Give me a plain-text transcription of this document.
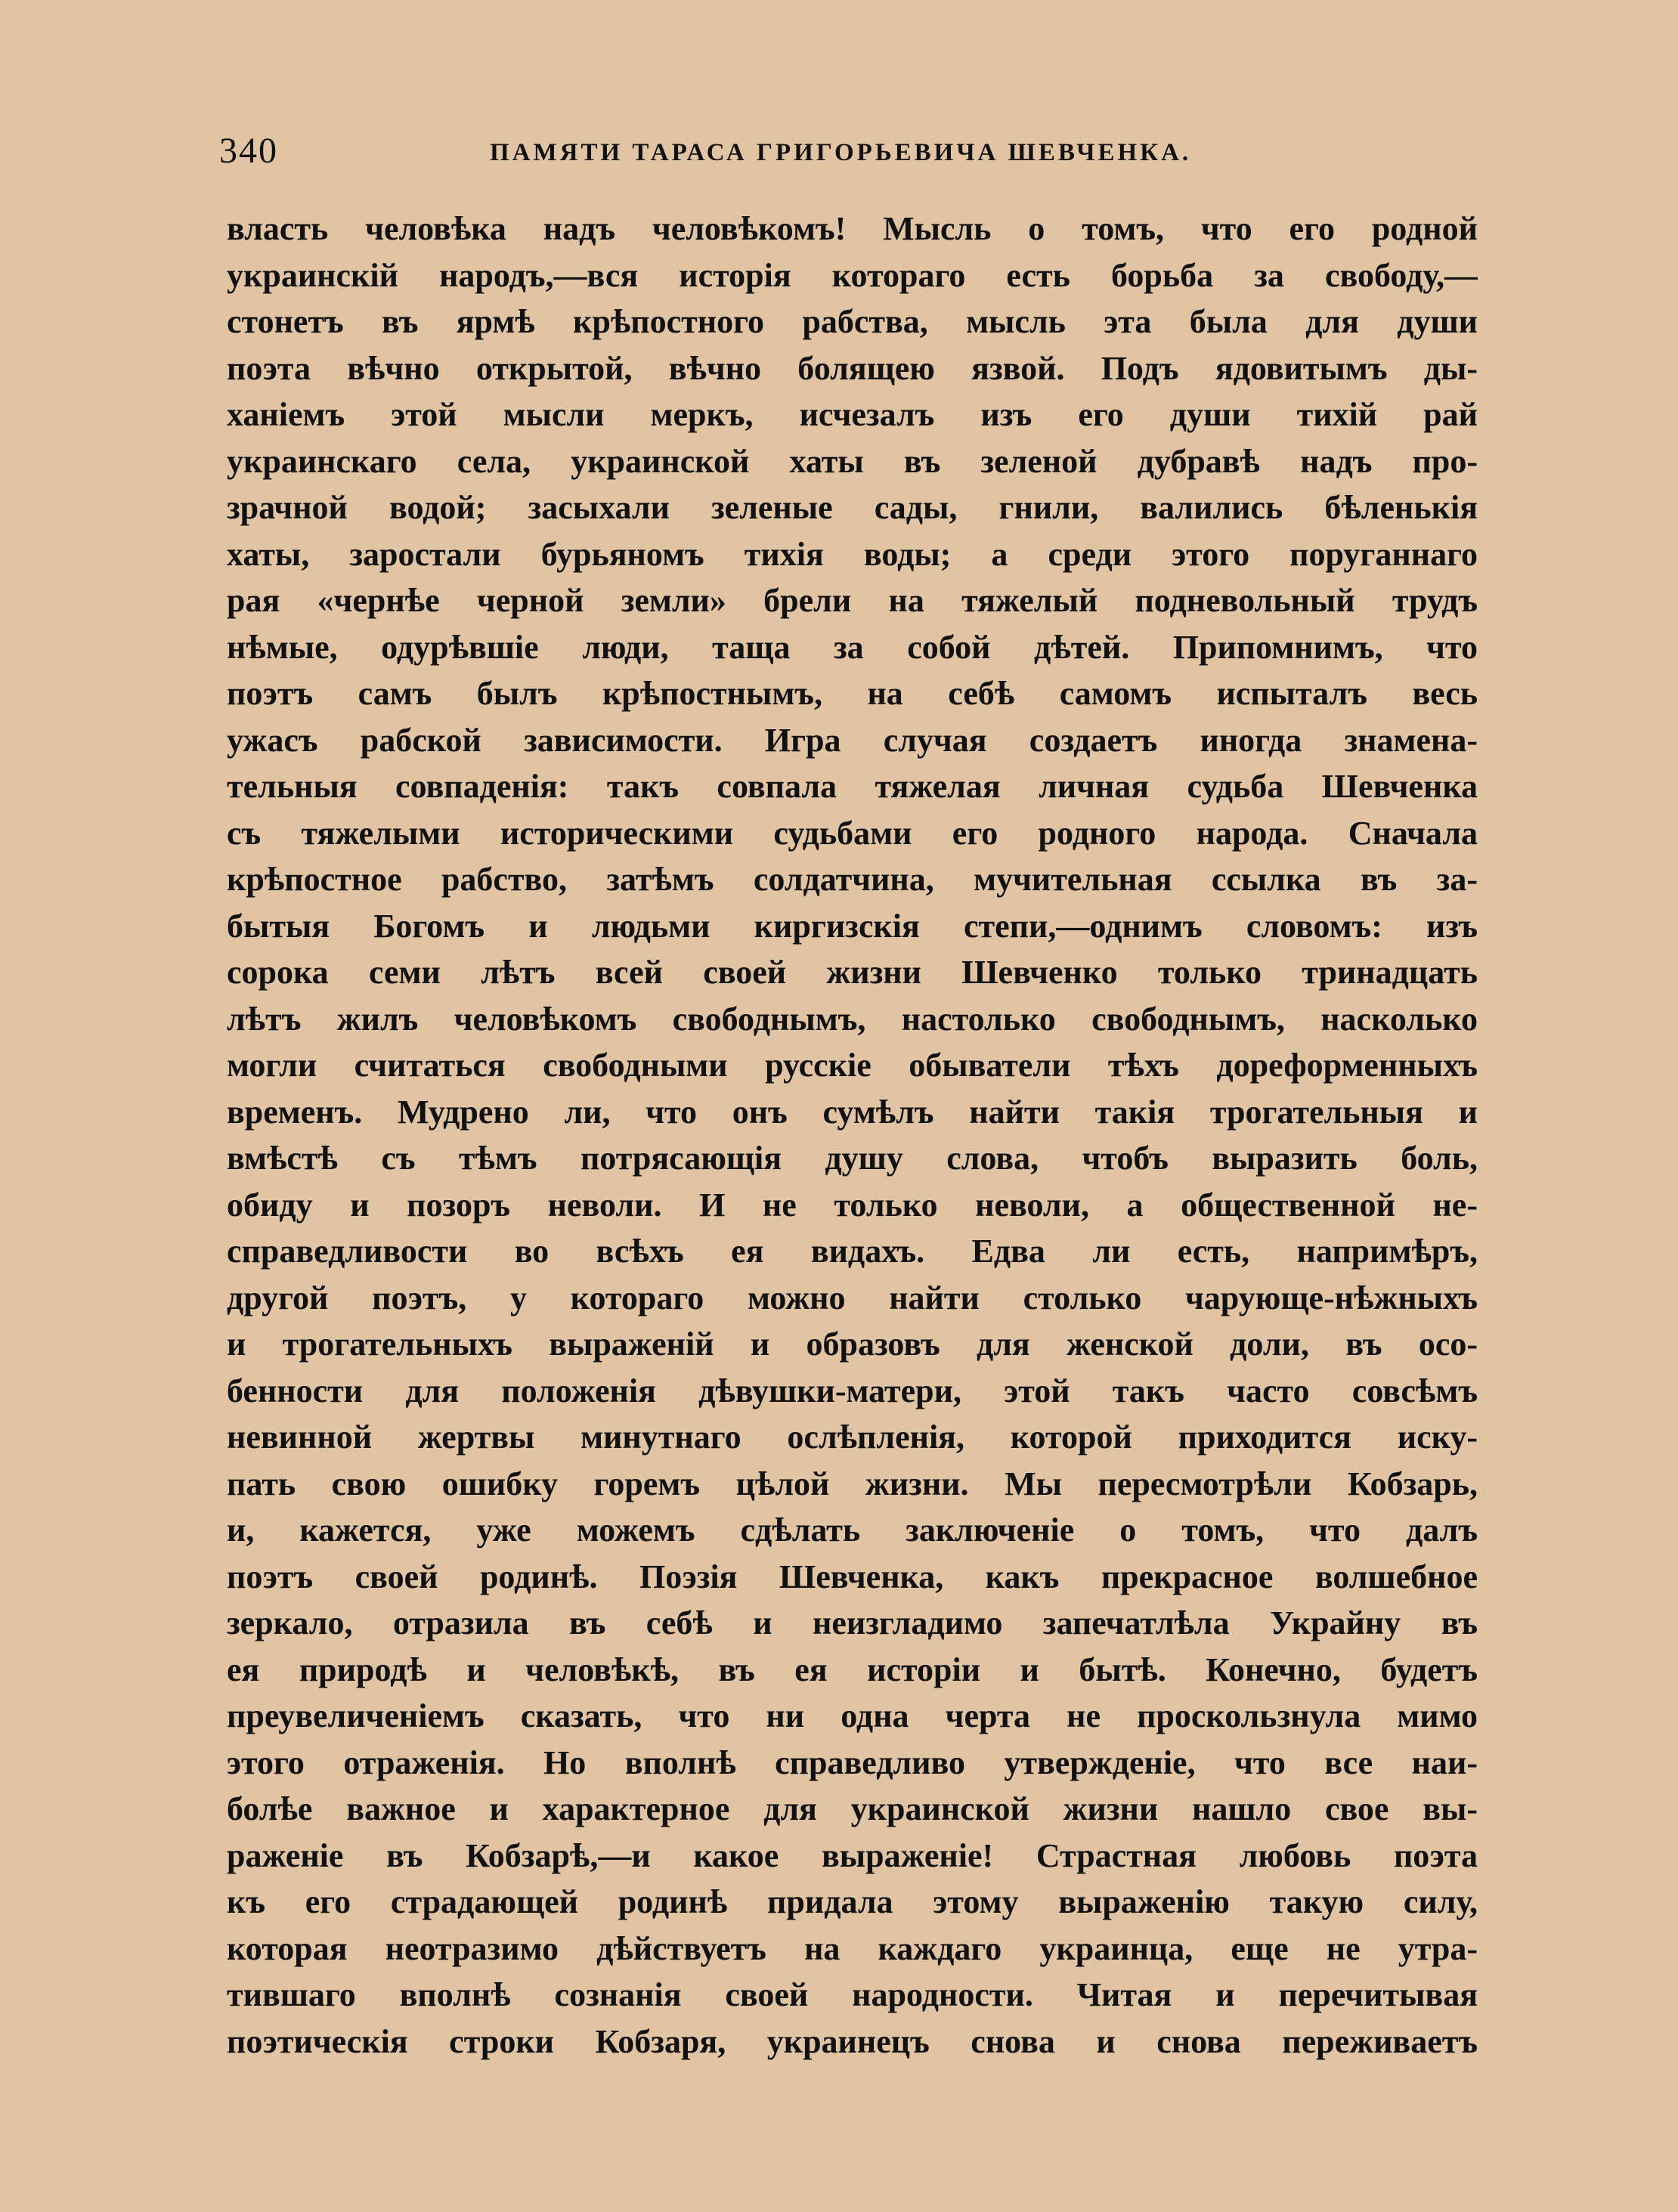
340	ПАМЯТИ ТАРАСА ГРИГОРЬЕВИЧА ШЕВЧЕНКА.
власть человѣка надъ человѣкомъ! Мысль о томъ, что его родной
украинскій народъ,—вся исторія котораго есть борьба за свободу,—
стонетъ въ ярмѣ крѣпостного рабства, мысль эта была для души
поэта вѣчно открытой, вѣчно болящею язвой. Подъ ядовитымъ ды-
ханіемъ этой мысли меркъ, исчезалъ изъ его души тихій рай
украинскаго села, украинской хаты въ зеленой дубравѣ надъ про-
зрачной водой; засыхали зеленые сады, гнили, валились бѣленькія
хаты, заростали бурьяномъ тихія воды; а среди этого поруганнаго
рая «чернѣе черной земли» брели на тяжелый подневольный трудъ
нѣмые, одурѣвшіе люди, таща за собой дѣтей. Припомнимъ, что
поэтъ самъ былъ крѣпостнымъ, на себѣ самомъ испыталъ весь
ужасъ рабской зависимости. Игра случая создаетъ иногда знамена-
тельныя совпаденія: такъ совпала тяжелая личная судьба Шевченка
съ тяжелыми историческими судьбами его родного народа. Сначала
крѣпостное рабство, затѣмъ солдатчина, мучительная ссылка въ за-
бытыя Богомъ и людьми киргизскія степи,—однимъ словомъ: изъ
сорока семи лѣтъ всей своей жизни Шевченко только тринадцать
лѣтъ жилъ человѣкомъ свободнымъ, настолько свободнымъ, насколько
могли считаться свободными русскіе обыватели тѣхъ дореформенныхъ
временъ. Мудрено ли, что онъ сумѣлъ найти такія трогательныя и
вмѣстѣ съ тѣмъ потрясающія душу слова, чтобъ выразить боль,
обиду и позоръ неволи. И не только неволи, а общественной не-
справедливости во всѣхъ ея видахъ. Едва ли есть, напримѣръ,
другой поэтъ, у котораго можно найти столько чарующе-нѣжныхъ
и трогательныхъ выраженій и образовъ для женской доли, въ осо-
бенности для положенія дѣвушки-матери, этой такъ часто совсѣмъ
невинной жертвы минутнаго ослѣпленія, которой приходится иску-
пать свою ошибку горемъ цѣлой жизни. Мы пересмотрѣли Кобзарь,
и, кажется, уже можемъ сдѣлать заключеніе о томъ, что далъ
поэтъ своей родинѣ. Поэзія Шевченка, какъ прекрасное волшебное
зеркало, отразила въ себѣ и неизгладимо запечатлѣла Украйну въ
ея природѣ и человѣкѣ, въ ея исторіи и бытѣ. Конечно, будетъ
преувеличеніемъ сказать, что ни одна черта не проскользнула мимо
этого отраженія. Но вполнѣ справедливо утвержденіе, что все наи-
болѣе важное и характерное для украинской жизни нашло свое вы-
раженіе въ Кобзарѣ,—и какое выраженіе! Страстная любовь поэта
къ его страдающей родинѣ придала этому выраженію такую силу,
которая неотразимо дѣйствуетъ на каждаго украинца, еще не утра-
тившаго вполнѣ сознанія своей народности. Читая и перечитывая
поэтическія строки Кобзаря, украинецъ снова и снова переживаетъ
